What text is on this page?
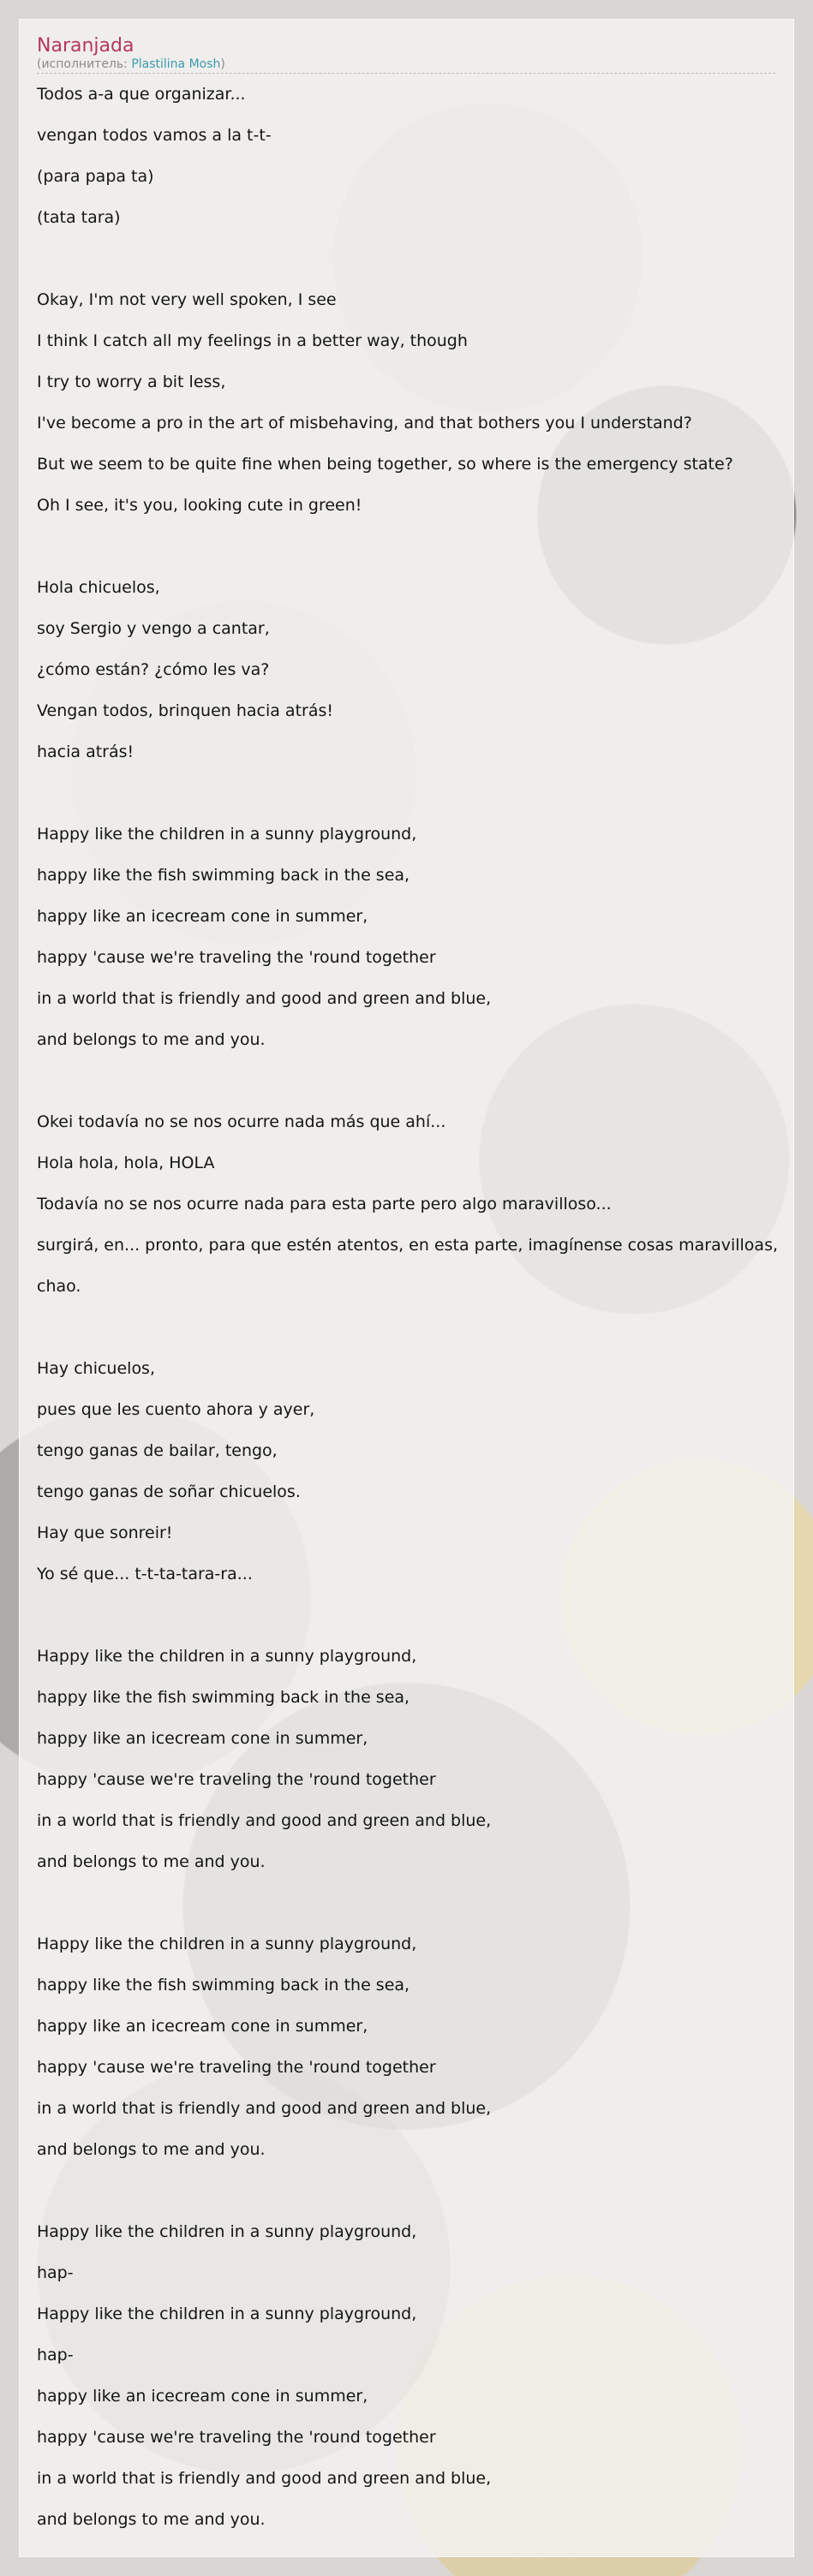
Naranjada

(исполнитель: Plastilina Mosh)

Todos a-a que organizar...
vengan todos vamos a la t-t-
(para papa ta)
(tata tara)
Okay, I'm not very well spoken, I see
I think I catch all my feelings in a better way, though
I try to worry a bit less,
I've become a pro in the art of misbehaving, and that bothers you I understand?
But we seem to be quite fine when being together, so where is the emergency state?
Oh I see, it's you, looking cute in green!
Hola chicuelos,
soy Sergio y vengo a cantar,
¿cómo están? ¿cómo les va?
Vengan todos, brinquen hacia atrás!
hacia atrás!
Happy like the children in a sunny playground,
happy like the fish swimming back in the sea,
happy like an icecream cone in summer,
happy 'cause we're traveling the 'round together
in a world that is friendly and good and green and blue,
and belongs to me and you.
Okei todavía no se nos ocurre nada más que ahí...
Hola hola, hola, HOLA
Todavía no se nos ocurre nada para esta parte pero algo maravilloso...
surgirá, en... pronto, para que estén atentos, en esta parte, imagínense cosas maravilloas,
chao.
Hay chicuelos,
pues que les cuento ahora y ayer,
tengo ganas de bailar, tengo,
tengo ganas de soñar chicuelos.
Hay que sonreir!
Yo sé que... t-t-ta-tara-ra...
Happy like the children in a sunny playground,
happy like the fish swimming back in the sea,
happy like an icecream cone in summer,
happy 'cause we're traveling the 'round together
in a world that is friendly and good and green and blue,
and belongs to me and you.
Happy like the children in a sunny playground,
happy like the fish swimming back in the sea,
happy like an icecream cone in summer,
happy 'cause we're traveling the 'round together
in a world that is friendly and good and green and blue,
and belongs to me and you.
Happy like the children in a sunny playground,
hap-
Happy like the children in a sunny playground,
hap-
happy like an icecream cone in summer,
happy 'cause we're traveling the 'round together
in a world that is friendly and good and green and blue,
and belongs to me and you.
